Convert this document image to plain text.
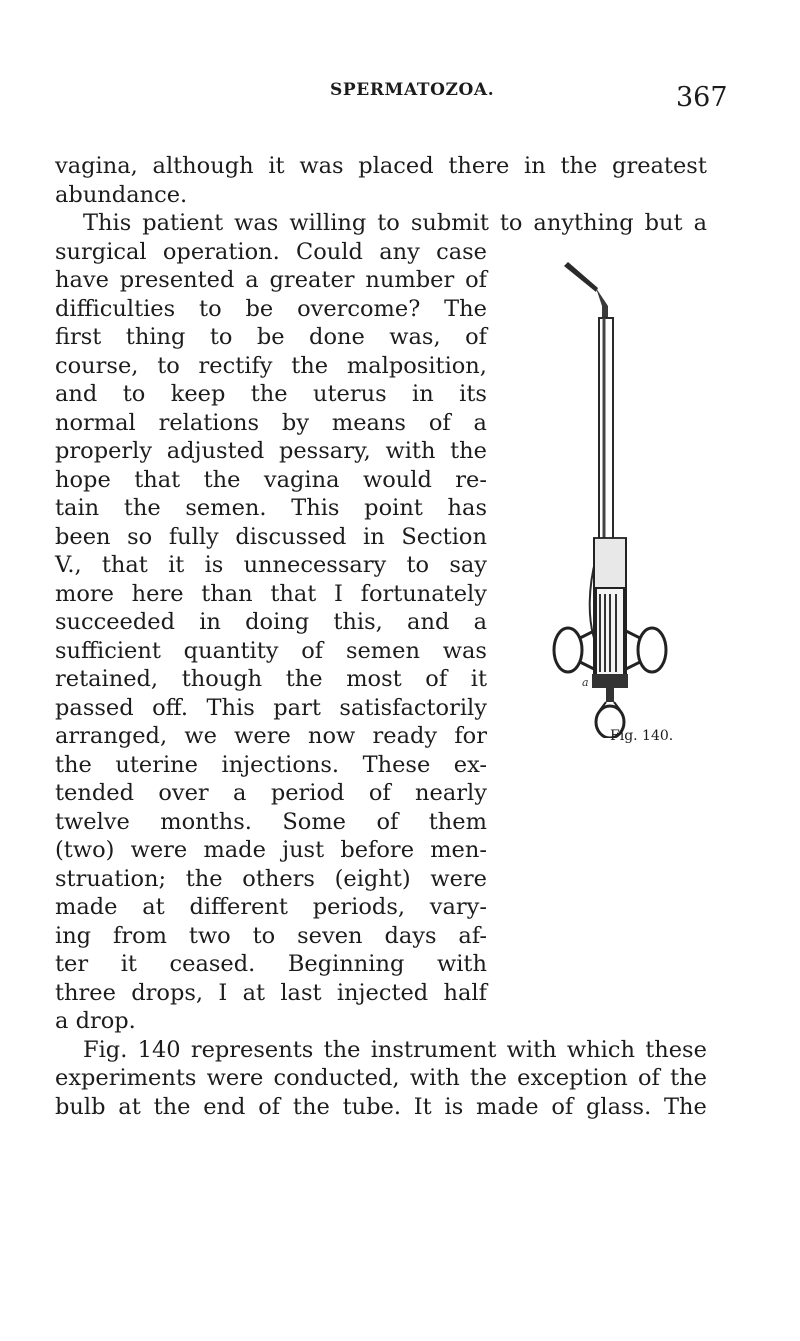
SPERMATOZOA.	367
vagina, although it was placed there in the greatest
abundance.
This patient was willing to submit to anything but a
surgical operation. Could any case
have presented a greater number of
difficulties to be overcome? The
first thing to be done was, of
course, to rectify the malposition,
and to keep the uterus in its
normal relations by means of a
properly adjusted pessary, with the
hope that the vagina would re-
tain the semen. This point has
been so fully discussed in Section
V., that it is unnecessary to say
more here than that I fortunately
succeeded in doing this, and a
sufficient quantity of semen was
retained, though the most of it
passed off. This part satisfactorily
arranged, we were now ready for
the uterine injections. These ex-
tended over a period of nearly
twelve months. Some of them
(two) were made just before men-
struation; the others (eight) were
made at different periods, vary-
ing from two to seven days af-
ter it ceased. Beginning with
three drops, I at last injected half
a drop.
Fig. 140 represents the instrument with which these
experiments were conducted, with the exception of the
bulb at the end of the tube. It is made of glass. The
a
Fig. 140.
